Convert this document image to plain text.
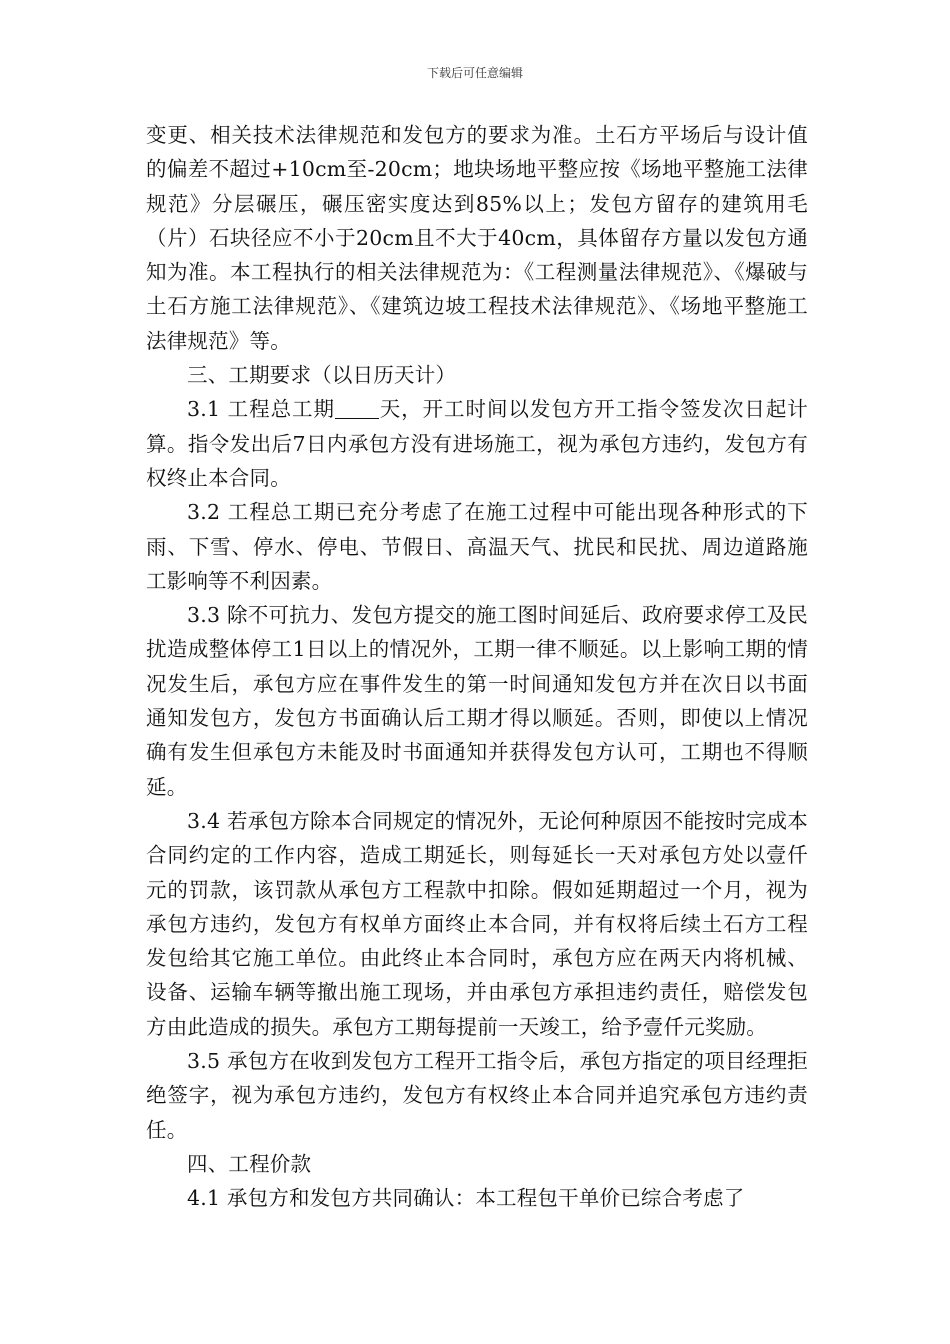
下载后可任意编辑

变更、相关技术法律规范和发包方的要求为准。土石方平场后与设计值的偏差不超过+10cm至-20cm；地块场地平整应按《场地平整施工法律规范》分层碾压，碾压密实度达到85%以上；发包方留存的建筑用毛（片）石块径应不小于20cm且不大于40cm，具体留存方量以发包方通知为准。本工程执行的相关法律规范为：《工程测量法律规范》、《爆破与土石方施工法律规范》、《建筑边坡工程技术法律规范》、《场地平整施工法律规范》等。

三、工期要求（以日历天计）

3.1 工程总工期 天，开工时间以发包方开工指令签发次日起计算。指令发出后7日内承包方没有进场施工，视为承包方违约，发包方有权终止本合同。

3.2 工程总工期已充分考虑了在施工过程中可能出现各种形式的下雨、下雪、停水、停电、节假日、高温天气、扰民和民扰、周边道路施工影响等不利因素。

3.3 除不可抗力、发包方提交的施工图时间延后、政府要求停工及民扰造成整体停工1日以上的情况外，工期一律不顺延。以上影响工期的情况发生后，承包方应在事件发生的第一时间通知发包方并在次日以书面通知发包方，发包方书面确认后工期才得以顺延。否则，即使以上情况确有发生但承包方未能及时书面通知并获得发包方认可，工期也不得顺延。

3.4 若承包方除本合同规定的情况外，无论何种原因不能按时完成本合同约定的工作内容，造成工期延长，则每延长一天对承包方处以壹仟元的罚款，该罚款从承包方工程款中扣除。假如延期超过一个月，视为承包方违约，发包方有权单方面终止本合同，并有权将后续土石方工程发包给其它施工单位。由此终止本合同时，承包方应在两天内将机械、设备、运输车辆等撤出施工现场，并由承包方承担违约责任，赔偿发包方由此造成的损失。承包方工期每提前一天竣工，给予壹仟元奖励。

3.5 承包方在收到发包方工程开工指令后，承包方指定的项目经理拒绝签字，视为承包方违约，发包方有权终止本合同并追究承包方违约责任。

四、工程价款

4.1 承包方和发包方共同确认：本工程包干单价已综合考虑了
